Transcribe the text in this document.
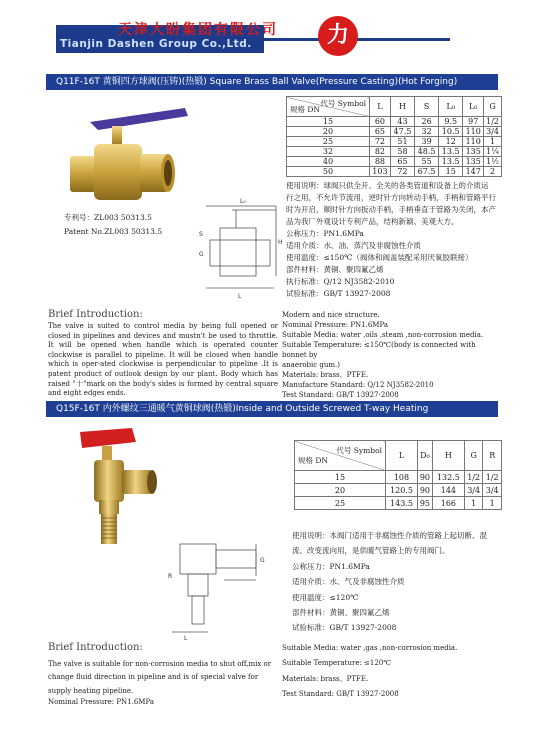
天津大盼集团有限公司
Tianjin Dashen Group Co.,Ltd.	力
Q11F-16T 黄铜四方球阀(压铸)(热锻) Square Brass Ball Valve(Pressure Casting)(Hot Forging)
专利号：ZL003 50313.5
Patent No.ZL003 50313.5
L₀
H
S
G
L
代号 Symbol
规格 DN	L	H	S	L₀	L₀	G
15	60	43	26	9.5	97	1/2
20	65	47.5	32	10.5	110	3/4
25	72	51	39	12	110	1
32	82	58	48.5	13.5	135	1¼
40	88	65	55	13.5	135	1½
50	103	72	67.5	15	147	2

使用说明：球阀只供全开、全关的各类管道和设备上的介质运

行之用，不允许节流用，逆时针方向转动手柄，手柄和管路平行

时为开启，顺时针方向扳动手柄，手柄垂直于管路为关闭，本产

品为我厂外观设计专利产品，结构新颖、美观大方。

公称压力：PN1.6MPa

适用介质：水、油、蒸汽及非腐蚀性介质

使用温度：≤150℃（阀体和阀盖装配采用厌氧胶联接）

部件材料：黄铜、聚四氟乙烯

执行标准：Q/12 NJ3582-2010

试验标准：GB/T 13927-2008

Brief Introduction:
The valve is suited to control media by being full opened or closed in pipelines and devices and mustn't be used to throttle. It will be opened when handle which is operated counter clockwise is parallel to pipeline. It will be closed when handle which is oper-ated clockwise is perpendicular to pipeline .It is patent product of outlook design by our plant. Body which has raised "十"mark on the body's sides is formed by central square and eight edges ends.

Modern and nice structure.

Nominal Pressure: PN1.6MPa

Suitable Media: water ,oils ,steam ,non-corrosion media.

Suitable Temperature: ≤150℃(body is connected with bonnet by

anaerobic gum.)

Materials: brass、PTFE.

Manufacture Standard: Q/12 NJ3582-2010

Test Standard: GB/T 13927-2008

Q15F-16T 内外螺纹三通暖气黄铜球阀(热锻)Inside and Outside Screwed T-way Heating
代号 Symbol
规格 DN	L	D₀	H	G	R
15	108	90	132.5	1/2	1/2
20	120.5	90	144	3/4	3/4
25	143.5	95	166	1	1
R
L
G

使用说明：本阀门适用于非腐蚀性介质的管路上起切断、混

流、改变流向用，是供暖气管路上的专用阀门。

公称压力：PN1.6MPa

适用介质：水、气及非腐蚀性介质

使用温度：≤120℃

部件材料：黄铜、聚四氟乙烯

试验标准：GB/T 13927-2008

Brief Introduction:
The valve is suitable for non-corrosion media to shut off,mix or change fluid direction in pipeline and is of special valve for supply heating pipeline.
Nominal Pressure: PN1.6MPa

Suitable Media: water ,gas ,non-corrosion media.

Suitable Temperature: ≤120℃

Materials: brass、PTFE.

Test Standard: GB/T 13927-2008
